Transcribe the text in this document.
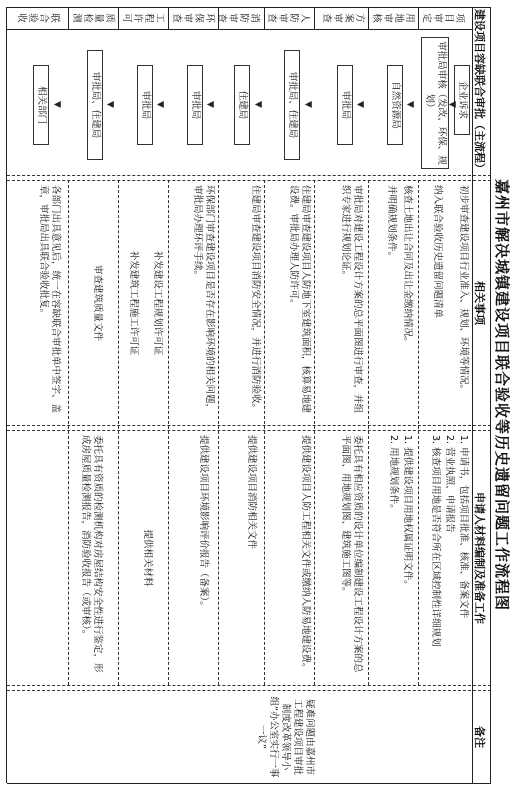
嘉州市解决城镇建设项目联合验收等历史遗留问题工作流程图
建设项目容缺联合审批（主流程）
相关事项
申请人材料编制及准备工作
备注
项目审定
用地审核
方案审查
人防审查
消防审查
环保审查
工程许可
质量检测
联合验收
企业诉求
审批局审核（发改、环保、规划）
自然资源局
审批局
审批局、住建局
住建局
审批局
审批局
审批局、住建局
相关部门	▼
▼
▼
▼
▼
▼
▼
▼
▼
初步审查建设项目行业准入、规划、环境等情况。
纳入联合验收历史遗留问题清单
核查土地出让合同及出让金缴纳情况。
并明确规划条件。
审批局对建设工程设计方案的总平面图进行审查，并组织专家进行规划论证。
住建局审查建设项目人防地下室建筑面积，核算易地建设费。审批局办理人防许可。
住建局审查建设项目消防安全情况，并进行消防验收。
环保部门审查建设项目是否存在影响环境的相关问题，审批局办理环评手续。
补发建设工程规划许可证
补发建筑工程施工许可证
审查建筑质量文件
各部门出具意见后，统一在容缺联合审批单中签字、盖章，审批局出具联合验收批复。
1. 申请书，包括项目批准、核准、备案文件
2. 营业执照、申请报告
3. 核查项目用地是否符合所在区域控制性详细规划
1. 提供建设项目用地权属证明文件。
2. 用地规划条件。
委托具有相应资质的设计单位编制建设工程设计方案的总平面图、用地规划图、建筑施工图等。
提供建设项目人防工程相关文件或缴纳人防易地建设费。
提供建设项目消防相关文件
提供建设项目环境影响评价报告（备案）。
提供相关材料
委托具有资质的检测机构对房屋结构安全性进行鉴定，形成房屋质量检测报告，消防验收报告（或审核）。
疑难问题由嘉州市工程建设项目审批制度改革领导小组“办公室实行一事一议”
